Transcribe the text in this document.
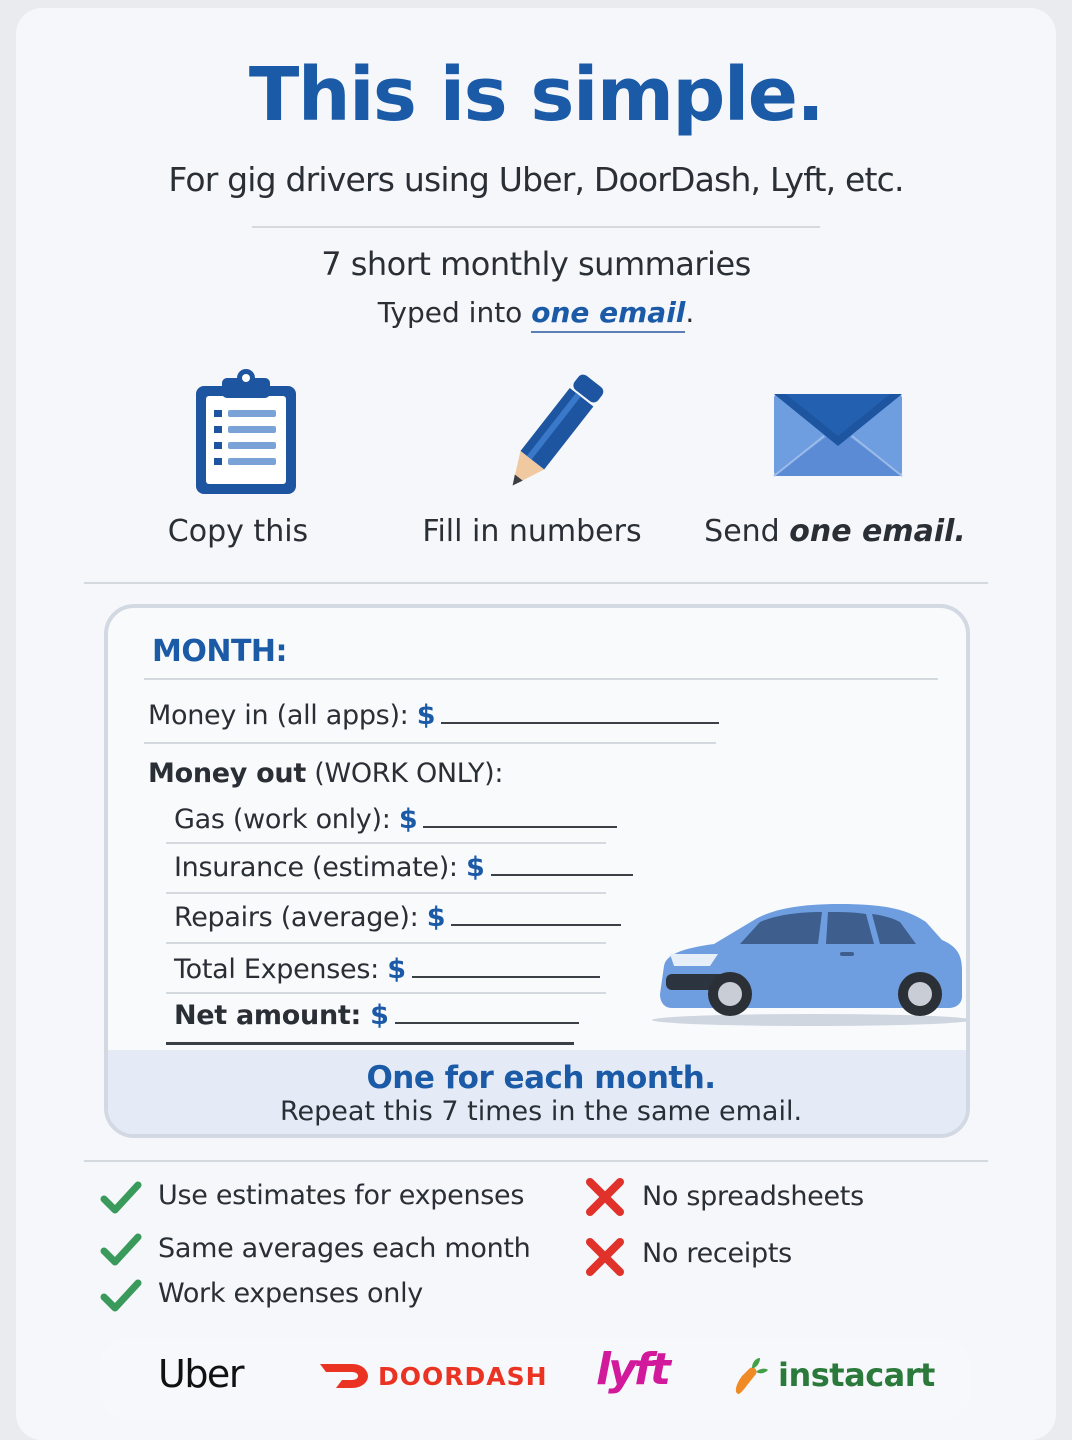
This is simple.
For gig drivers using Uber, DoorDash, Lyft, etc.
7 short monthly summaries
Typed into one email.
Copy this	Fill in numbers	Send one email.
MONTH:
Money in (all apps): $
Money out (WORK ONLY):
Gas (work only): $
Insurance (estimate): $
Repairs (average): $
Total Expenses: $
Net amount: $
One for each month.
Repeat this 7 times in the same email.
Use estimates for expenses
Same averages each month
Work expenses only
No spreadsheets
No receipts
Uber	DOORDASH lyft	instacart
